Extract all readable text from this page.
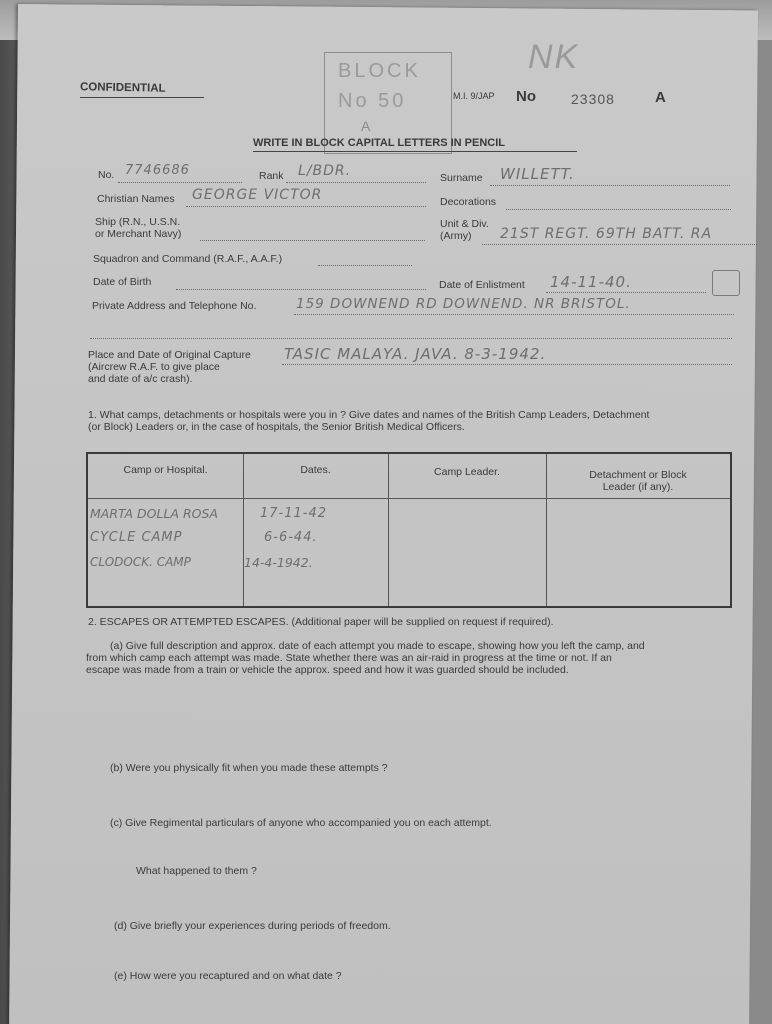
BLOCK
No 50
A
NK
CONFIDENTIAL
M.I. 9/JAP No	23308	A
WRITE IN BLOCK CAPITAL LETTERS IN PENCIL
No. 7746686	Rank L/BDR.	Surname WILLETT.
Christian Names GEORGE VICTOR	Decorations
Ship (R.N., U.S.N.
or Merchant Navy)
Unit & Div.
(Army)	21ST REGT. 69TH BATT. RA
Squadron and Command (R.A.F., A.A.F.)
Date of Birth	Date of Enlistment 14-11-40.
Private Address and Telephone No.	159 DOWNEND RD DOWNEND. NR BRISTOL.
Place and Date of Original Capture
(Aircrew R.A.F. to give place
and date of a/c crash).
TASIC MALAYA. JAVA. 8-3-1942.
1. What camps, detachments or hospitals were you in ? Give dates and names of the British Camp Leaders, Detachment
(or Block) Leaders or, in the case of hospitals, the Senior British Medical Officers.
Camp or Hospital.	Dates.	Camp Leader.	Detachment or Block
Leader (if any).
MARTA DOLLA ROSA	17-11-42
CYCLE CAMP	6-6-44.
CLODOCK. CAMP	14-4-1942.
2. ESCAPES OR ATTEMPTED ESCAPES. (Additional paper will be supplied on request if required).
(a) Give full description and approx. date of each attempt you made to escape, showing how you left the camp, and
from which camp each attempt was made. State whether there was an air-raid in progress at the time or not. If an
escape was made from a train or vehicle the approx. speed and how it was guarded should be included.
(b) Were you physically fit when you made these attempts ?
(c) Give Regimental particulars of anyone who accompanied you on each attempt.
What happened to them ?
(d) Give briefly your experiences during periods of freedom.
(e) How were you recaptured and on what date ?
